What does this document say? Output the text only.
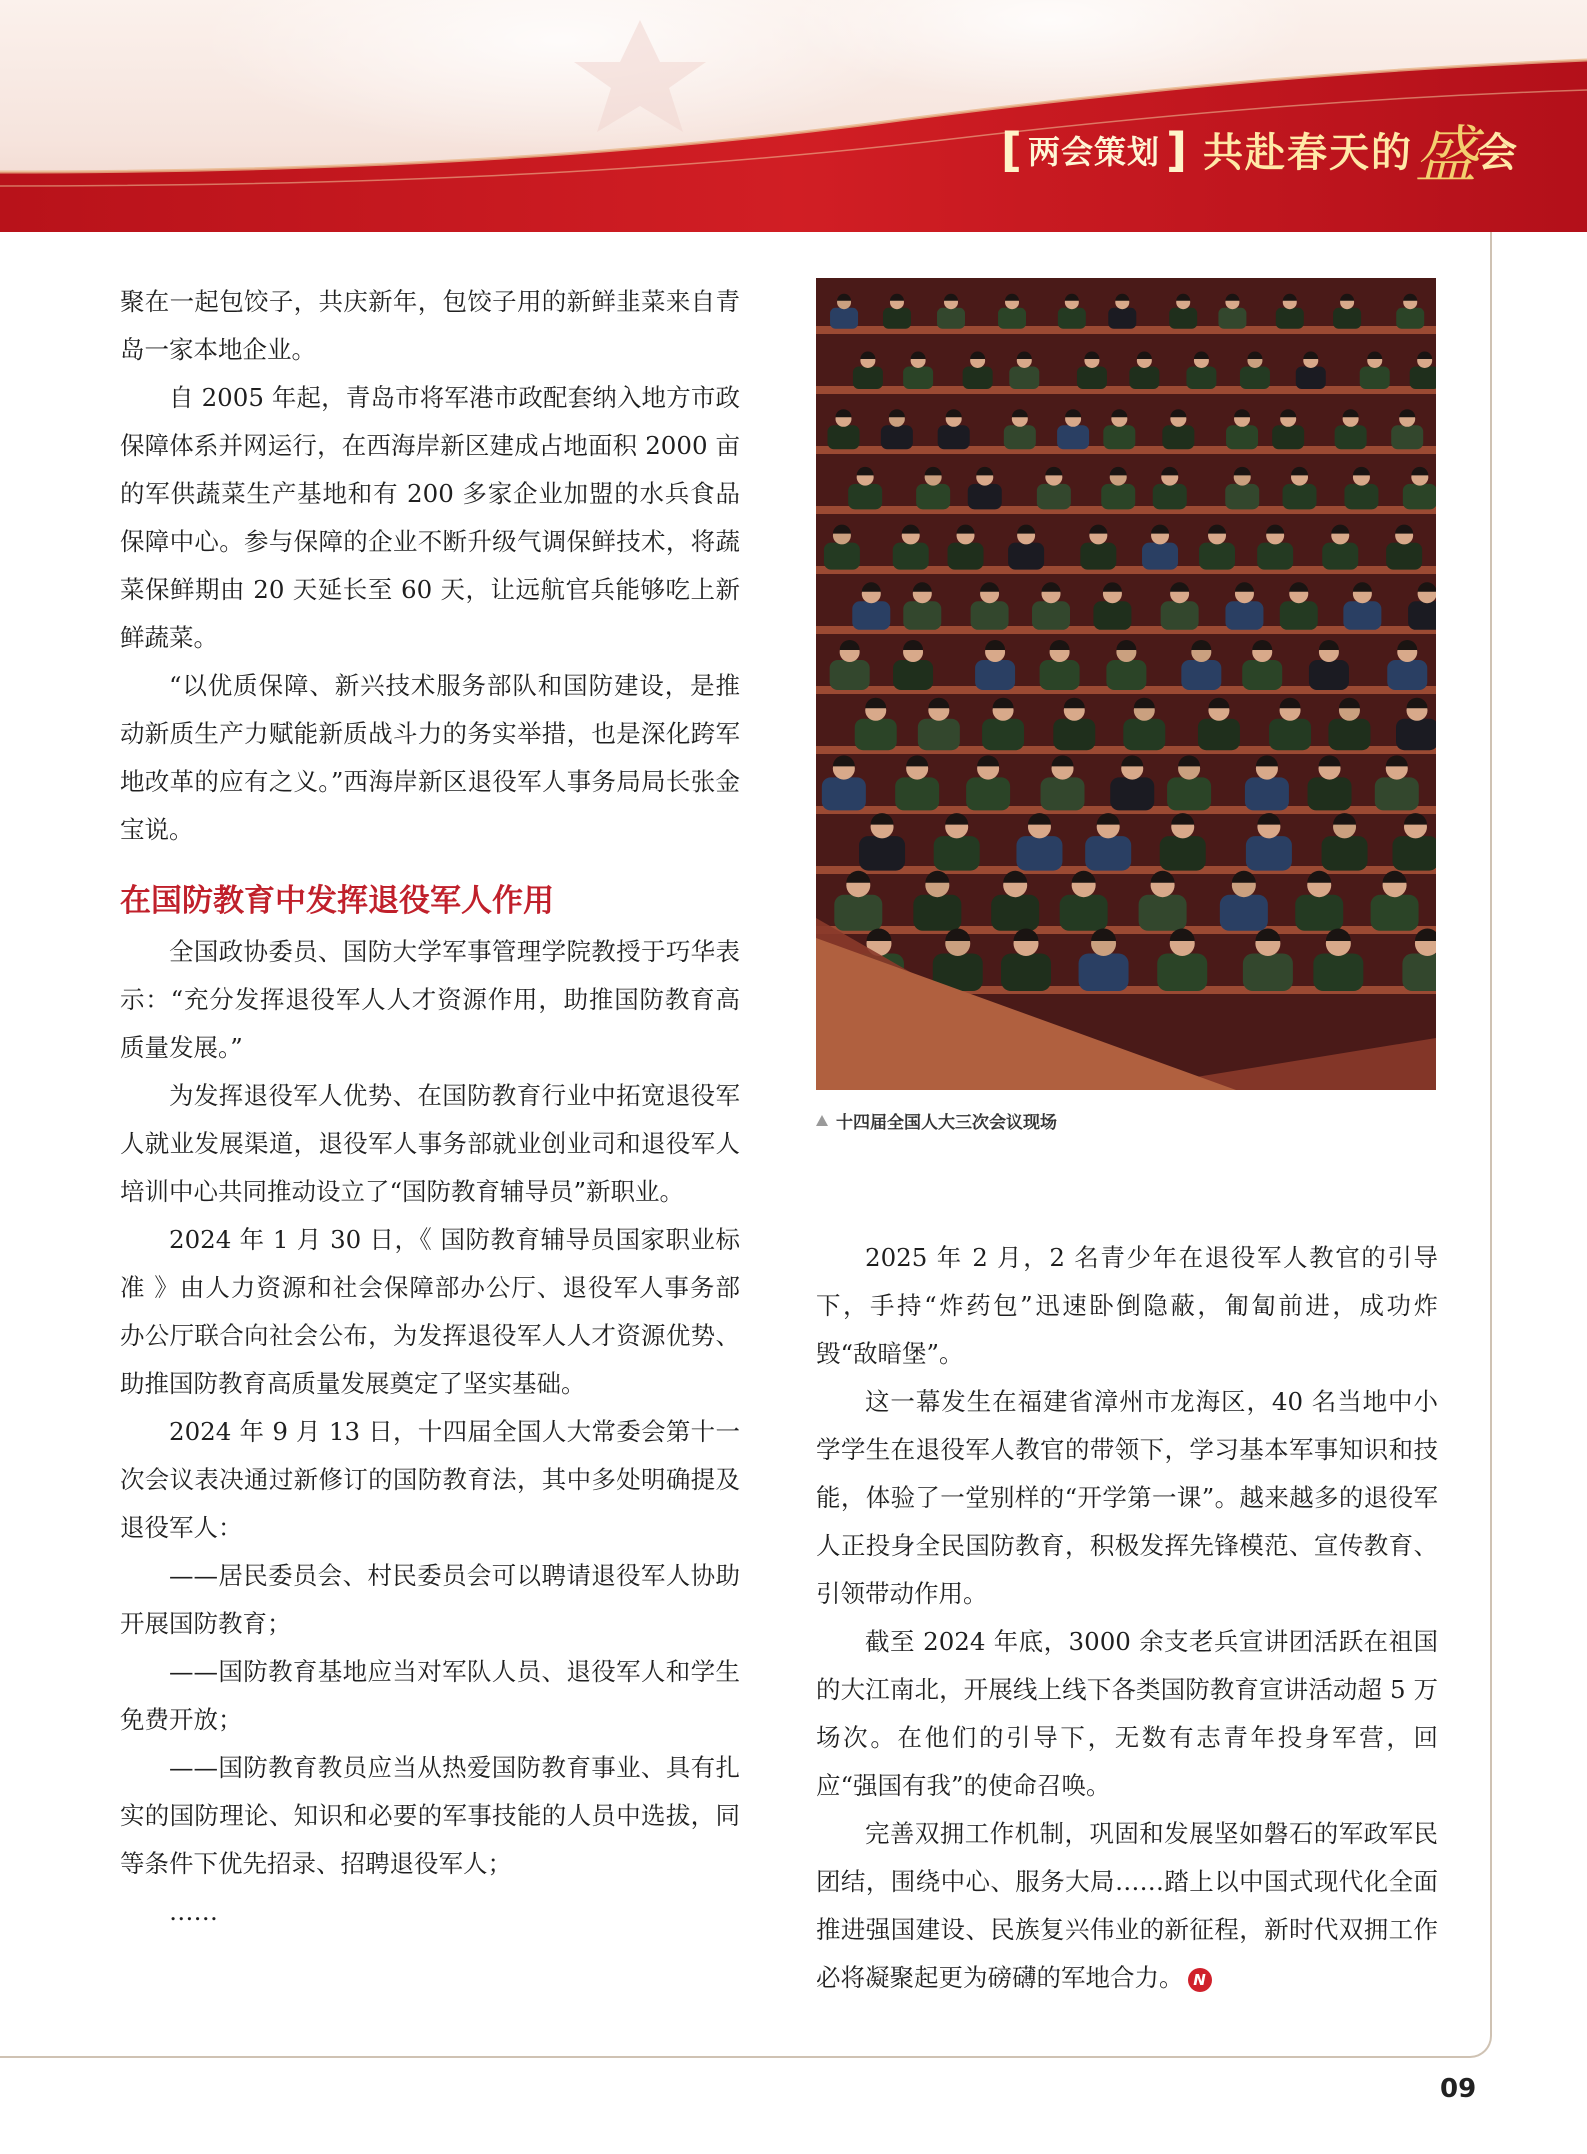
[ 两会策划 ] 共赴春天的 盛 会

聚在一起包饺子，共庆新年，包饺子用的新鲜韭菜来自青岛一家本地企业。

自 2005 年起，青岛市将军港市政配套纳入地方市政保障体系并网运行，在西海岸新区建成占地面积 2000 亩的军供蔬菜生产基地和有 200 多家企业加盟的水兵食品保障中心。参与保障的企业不断升级气调保鲜技术，将蔬菜保鲜期由 20 天延长至 60 天，让远航官兵能够吃上新鲜蔬菜。

“以优质保障、新兴技术服务部队和国防建设，是推动新质生产力赋能新质战斗力的务实举措，也是深化跨军地改革的应有之义。”西海岸新区退役军人事务局局长张金宝说。

在国防教育中发挥退役军人作用

全国政协委员、国防大学军事管理学院教授于巧华表示：“充分发挥退役军人人才资源作用，助推国防教育高质量发展。”

为发挥退役军人优势、在国防教育行业中拓宽退役军人就业发展渠道，退役军人事务部就业创业司和退役军人培训中心共同推动设立了“国防教育辅导员”新职业。

2024 年 1 月 30 日，《 国防教育辅导员国家职业标准 》由人力资源和社会保障部办公厅、退役军人事务部办公厅联合向社会公布，为发挥退役军人人才资源优势、助推国防教育高质量发展奠定了坚实基础。

2024 年 9 月 13 日，十四届全国人大常委会第十一次会议表决通过新修订的国防教育法，其中多处明确提及退役军人：

——居民委员会、村民委员会可以聘请退役军人协助开展国防教育；

——国防教育基地应当对军队人员、退役军人和学生免费开放；

——国防教育教员应当从热爱国防教育事业、具有扎实的国防理论、知识和必要的军事技能的人员中选拔，同等条件下优先招录、招聘退役军人；

……

十四届全国人大三次会议现场

2025 年 2 月，2 名青少年在退役军人教官的引导下，手持“炸药包”迅速卧倒隐蔽，匍匐前进，成功炸毁“敌暗堡”。

这一幕发生在福建省漳州市龙海区，40 名当地中小学学生在退役军人教官的带领下，学习基本军事知识和技能，体验了一堂别样的“开学第一课”。越来越多的退役军人正投身全民国防教育，积极发挥先锋模范、宣传教育、引领带动作用。

截至 2024 年底，3000 余支老兵宣讲团活跃在祖国的大江南北，开展线上线下各类国防教育宣讲活动超 5 万场次。在他们的引导下，无数有志青年投身军营，回应“强国有我”的使命召唤。

完善双拥工作机制，巩固和发展坚如磐石的军政军民团结，围绕中心、服务大局……踏上以中国式现代化全面推进强国建设、民族复兴伟业的新征程，新时代双拥工作必将凝聚起更为磅礴的军地合力。 N

09
